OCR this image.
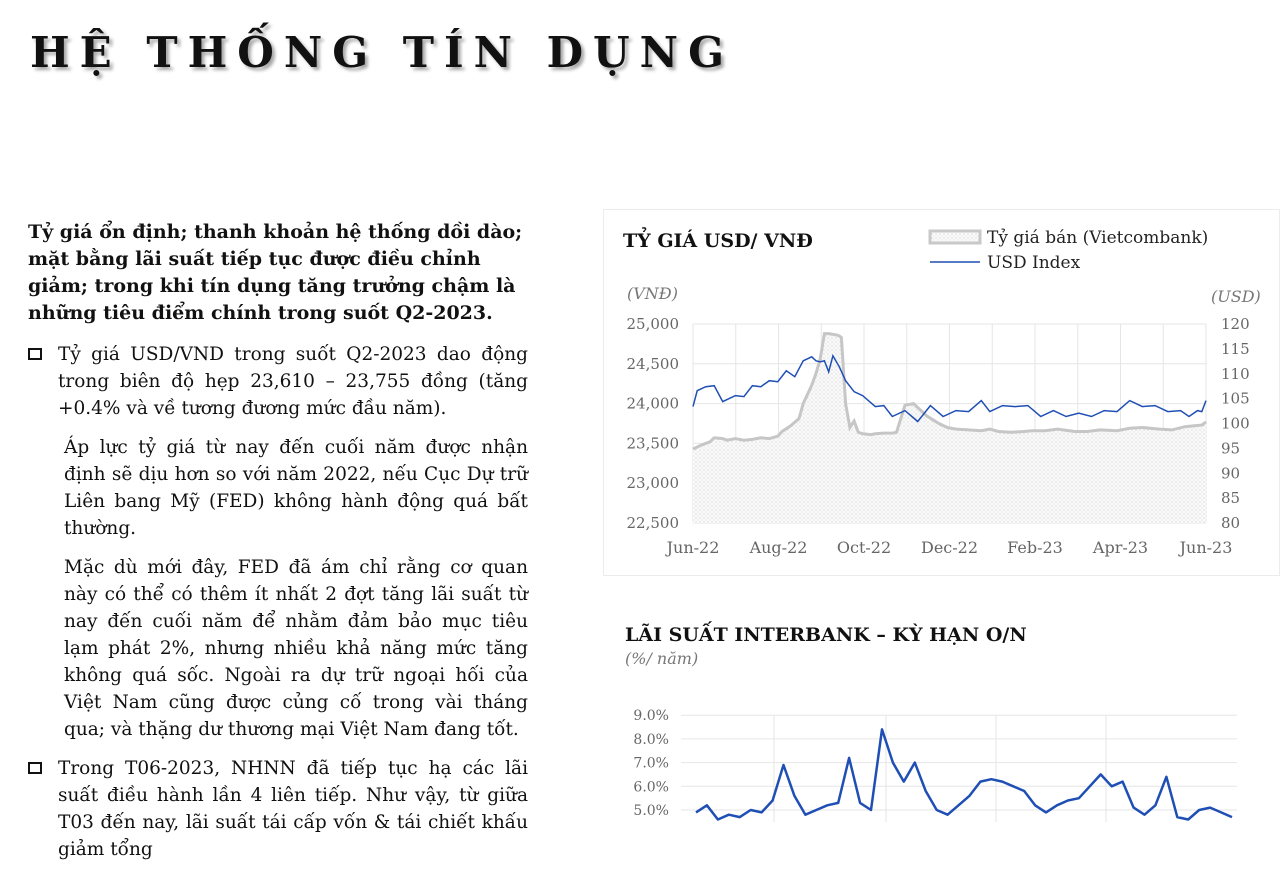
HỆ THỐNG TÍN DỤNG

Tỷ giá ổn định; thanh khoản hệ thống dồi dào; mặt bằng lãi suất tiếp tục được điều chỉnh giảm; trong khi tín dụng tăng trưởng chậm là những tiêu điểm chính trong suốt Q2-2023.

Tỷ giá USD/VND trong suốt Q2-2023 dao động trong biên độ hẹp 23,610 – 23,755 đồng (tăng +0.4% và về tương đương mức đầu năm).

Áp lực tỷ giá từ nay đến cuối năm được nhận định sẽ dịu hơn so với năm 2022, nếu Cục Dự trữ Liên bang Mỹ (FED) không hành động quá bất thường.

Mặc dù mới đây, FED đã ám chỉ rằng cơ quan này có thể có thêm ít nhất 2 đợt tăng lãi suất từ nay đến cuối năm để nhằm đảm bảo mục tiêu lạm phát 2%, nhưng nhiều khả năng mức tăng không quá sốc. Ngoài ra dự trữ ngoại hối của Việt Nam cũng được củng cố trong vài tháng qua; và thặng dư thương mại Việt Nam đang tốt.

Trong T06-2023, NHNN đã tiếp tục hạ các lãi suất điều hành lần 4 liên tiếp. Như vậy, từ giữa T03 đến nay, lãi suất tái cấp vốn & tái chiết khấu giảm tổng

TỶ GIÁ USD/ VNĐ	Tỷ giá bán (Vietcombank)
USD Index
(VNĐ)	(USD)
22,500
23,000
23,500
24,000
24,500
25,000
80
85
90
95
100
105
110
115
120
Jun-22 Aug-22 Oct-22 Dec-22 Feb-23 Apr-23 Jun-23
LÃI SUẤT INTERBANK – KỲ HẠN O/N
(%/ năm)
5.0%
6.0%
7.0%
8.0%
9.0%
